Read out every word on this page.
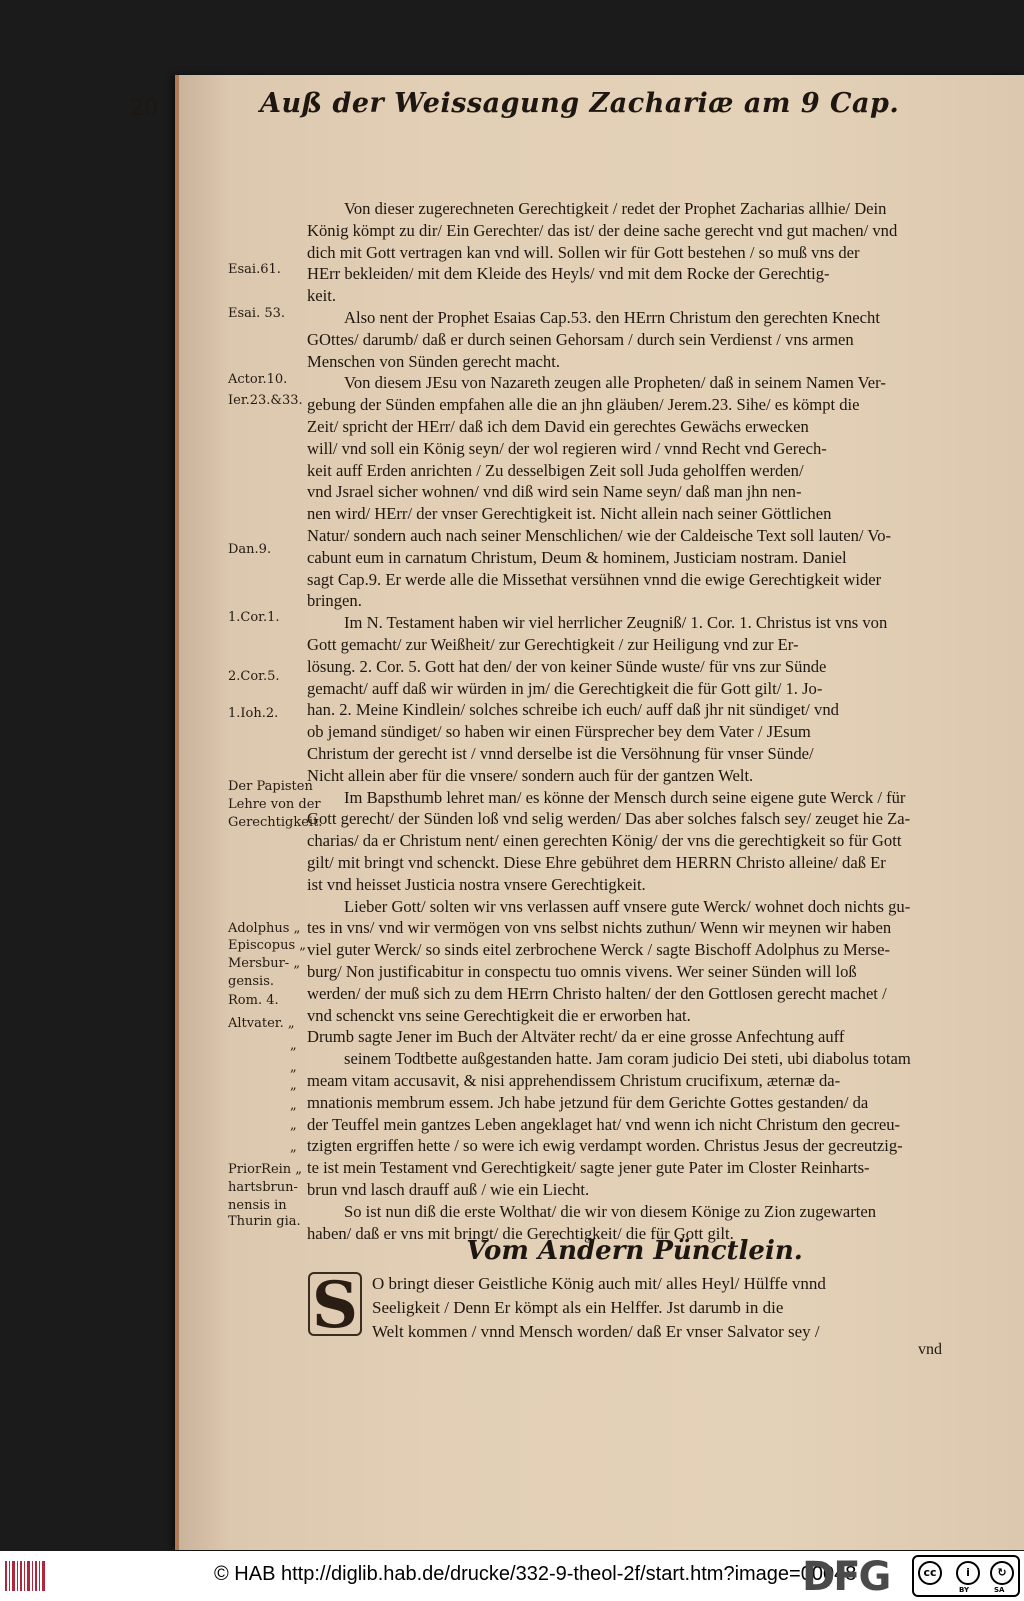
20	Auß der Weissagung Zachariæ am 9 Cap.
Esai.61.
Esai. 53.
Actor.10.
Ier.23.&33.
Dan.9.
1.Cor.1.
2.Cor.5.
1.Ioh.2.
Der Papisten
Lehre von der
Gerechtigkeit.
Adolphus „
Episcopus „
Mersbur- „
gensis.
Rom. 4.
Altvater. „
„
„
„
„
„
„
PriorRein „
hartsbrun-
nensis in
Thurin gia.
Von dieser zugerechneten Gerechtigkeit / redet der Prophet Zacharias allhie/ Dein
König kömpt zu dir/ Ein Gerechter/ das ist/ der deine sache gerecht vnd gut machen/ vnd
dich mit Gott vertragen kan vnd will. Sollen wir für Gott bestehen / so muß vns der
HErr bekleiden/ mit dem Kleide des Heyls/ vnd mit dem Rocke der Gerechtig-
keit.
Also nent der Prophet Esaias Cap.53. den HErrn Christum den gerechten Knecht
GOttes/ darumb/ daß er durch seinen Gehorsam / durch sein Verdienst / vns armen
Menschen von Sünden gerecht macht.
Von diesem JEsu von Nazareth zeugen alle Propheten/ daß in seinem Namen Ver-
gebung der Sünden empfahen alle die an jhn gläuben/ Jerem.23. Sihe/ es kömpt die
Zeit/ spricht der HErr/ daß ich dem David ein gerechtes Gewächs erwecken
will/ vnd soll ein König seyn/ der wol regieren wird / vnnd Recht vnd Gerech-
keit auff Erden anrichten / Zu desselbigen Zeit soll Juda geholffen werden/
vnd Jsrael sicher wohnen/ vnd diß wird sein Name seyn/ daß man jhn nen-
nen wird/ HErr/ der vnser Gerechtigkeit ist. Nicht allein nach seiner Göttlichen
Natur/ sondern auch nach seiner Menschlichen/ wie der Caldeische Text soll lauten/ Vo-
cabunt eum in carnatum Christum, Deum & hominem, Justiciam nostram. Daniel
sagt Cap.9. Er werde alle die Missethat versühnen vnnd die ewige Gerechtigkeit wider
bringen.
Im N. Testament haben wir viel herrlicher Zeugniß/ 1. Cor. 1. Christus ist vns von
Gott gemacht/ zur Weißheit/ zur Gerechtigkeit / zur Heiligung vnd zur Er-
lösung. 2. Cor. 5. Gott hat den/ der von keiner Sünde wuste/ für vns zur Sünde
gemacht/ auff daß wir würden in jm/ die Gerechtigkeit die für Gott gilt/ 1. Jo-
han. 2. Meine Kindlein/ solches schreibe ich euch/ auff daß jhr nit sündiget/ vnd
ob jemand sündiget/ so haben wir einen Fürsprecher bey dem Vater / JEsum
Christum der gerecht ist / vnnd derselbe ist die Versöhnung für vnser Sünde/
Nicht allein aber für die vnsere/ sondern auch für der gantzen Welt.
Im Bapsthumb lehret man/ es könne der Mensch durch seine eigene gute Werck / für
Gott gerecht/ der Sünden loß vnd selig werden/ Das aber solches falsch sey/ zeuget hie Za-
charias/ da er Christum nent/ einen gerechten König/ der vns die gerechtigkeit so für Gott
gilt/ mit bringt vnd schenckt. Diese Ehre gebühret dem HERRN Christo alleine/ daß Er
ist vnd heisset Justicia nostra vnsere Gerechtigkeit.
Lieber Gott/ solten wir vns verlassen auff vnsere gute Werck/ wohnet doch nichts gu-
tes in vns/ vnd wir vermögen von vns selbst nichts zuthun/ Wenn wir meynen wir haben
viel guter Werck/ so sinds eitel zerbrochene Werck / sagte Bischoff Adolphus zu Merse-
burg/ Non justificabitur in conspectu tuo omnis vivens. Wer seiner Sünden will loß
werden/ der muß sich zu dem HErrn Christo halten/ der den Gottlosen gerecht machet /
vnd schenckt vns seine Gerechtigkeit die er erworben hat.
Drumb sagte Jener im Buch der Altväter recht/ da er eine grosse Anfechtung auff
seinem Todtbette außgestanden hatte. Jam coram judicio Dei steti, ubi diabolus totam
meam vitam accusavit, & nisi apprehendissem Christum crucifixum, æternæ da-
mnationis membrum essem. Jch habe jetzund für dem Gerichte Gottes gestanden/ da
der Teuffel mein gantzes Leben angeklaget hat/ vnd wenn ich nicht Christum den gecreu-
tzigten ergriffen hette / so were ich ewig verdampt worden. Christus Jesus der gecreutzig-
te ist mein Testament vnd Gerechtigkeit/ sagte jener gute Pater im Closter Reinharts-
brun vnd lasch drauff auß / wie ein Liecht.
So ist nun diß die erste Wolthat/ die wir von diesem Könige zu Zion zugewarten
haben/ daß er vns mit bringt/ die Gerechtigkeit/ die für Gott gilt.
Vom Andern Pünctlein.
S O bringt dieser Geistliche König auch mit/ alles Heyl/ Hülffe vnnd
Seeligkeit / Denn Er kömpt als ein Helffer. Jst darumb in die
Welt kommen / vnnd Mensch worden/ daß Er vnser Salvator sey /
vnd
© HAB http://diglib.hab.de/drucke/332-9-theol-2f/start.htm?image=00048
DFG	cc	i	↻
BY	SA
